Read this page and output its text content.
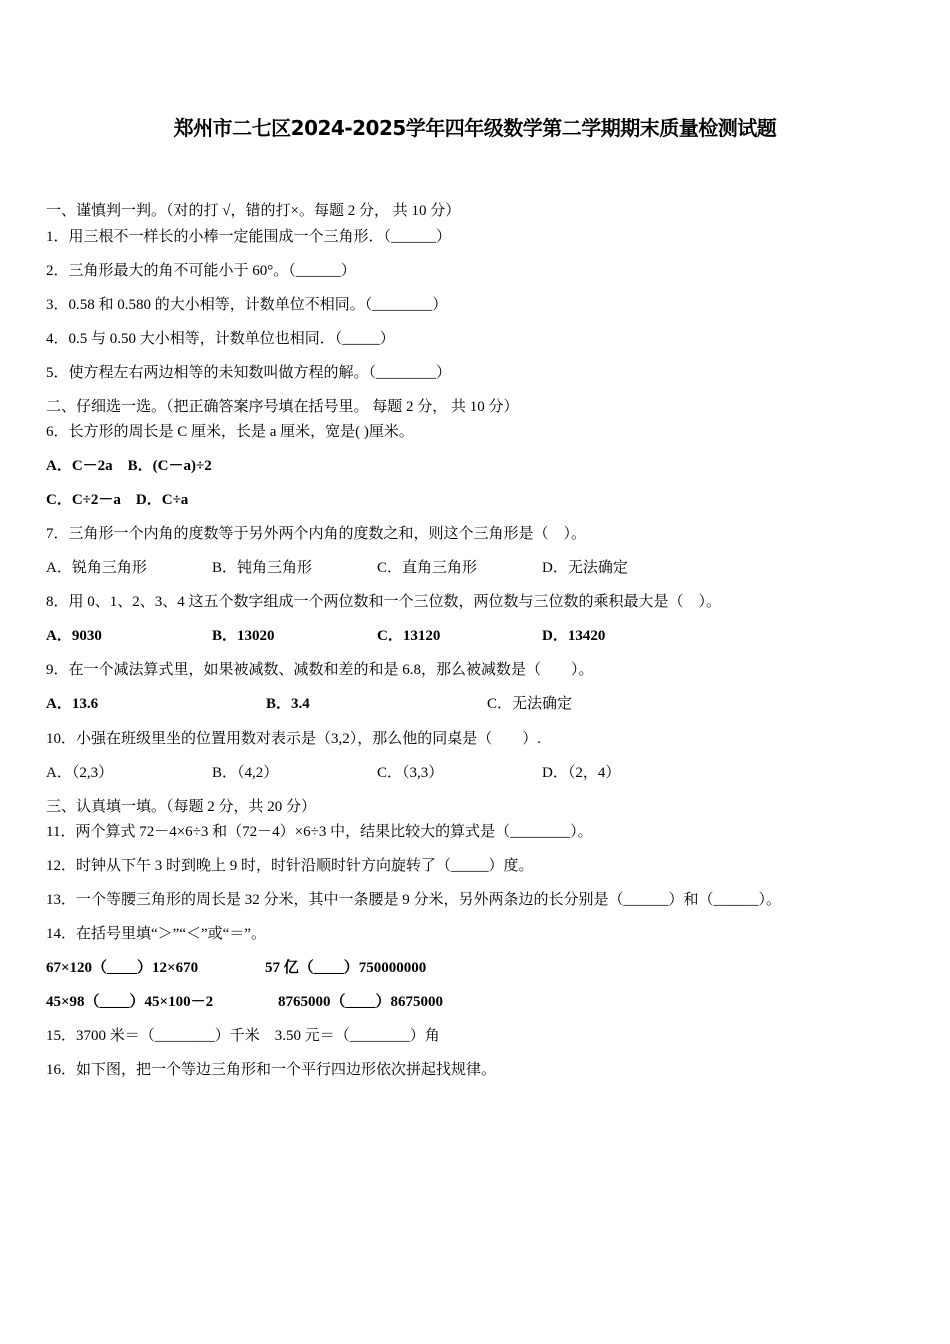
郑州市二七区2024-2025学年四年级数学第二学期期末质量检测试题
一、谨慎判一判。（对的打 √，错的打×。每题 2 分， 共 10 分）
1．用三根不一样长的小棒一定能围成一个三角形．（______）
2．三角形最大的角不可能小于 60°。（______）
3．0.58 和 0.580 的大小相等，计数单位不相同。（________）
4．0.5 与 0.50 大小相等，计数单位也相同．（_____）
5．使方程左右两边相等的未知数叫做方程的解。（________）
二、仔细选一选。（把正确答案序号填在括号里。 每题 2 分， 共 10 分）
6．长方形的周长是 C 厘米，长是 a 厘米，宽是( )厘米。
A．C－2a　B．(C－a)÷2
C．C÷2－a　D．C÷a
7．三角形一个内角的度数等于另外两个内角的度数之和，则这个三角形是（　）。
A．锐角三角形	B．钝角三角形	C．直角三角形	D．无法确定
8．用 0、1、2、3、4 这五个数字组成一个两位数和一个三位数，两位数与三位数的乘积最大是（　）。
A．9030	B．13020	C．13120	D．13420
9．在一个减法算式里，如果被减数、减数和差的和是 6.8，那么被减数是（　　）。
A．13.6	B．3.4	C．无法确定
10．小强在班级里坐的位置用数对表示是（3,2），那么他的同桌是（　　）.
A．（2,3）	B．（4,2）	C．（3,3）	D．（2，4）
三、认真填一填。（每题 2 分，共 20 分）
11．两个算式 72－4×6÷3 和（72－4）×6÷3 中，结果比较大的算式是（________）。
12．时钟从下午 3 时到晚上 9 时，时针沿顺时针方向旋转了（_____）度。
13．一个等腰三角形的周长是 32 分米，其中一条腰是 9 分米，另外两条边的长分别是（______）和（______）。
14．在括号里填“＞”“＜”或“＝”。
67×120（____）12×670	57 亿（____）750000000
45×98（____）45×100－2	8765000（____）8675000
15．3700 米＝（________）千米　3.50 元＝（________）角
16．如下图，把一个等边三角形和一个平行四边形依次拼起找规律。
